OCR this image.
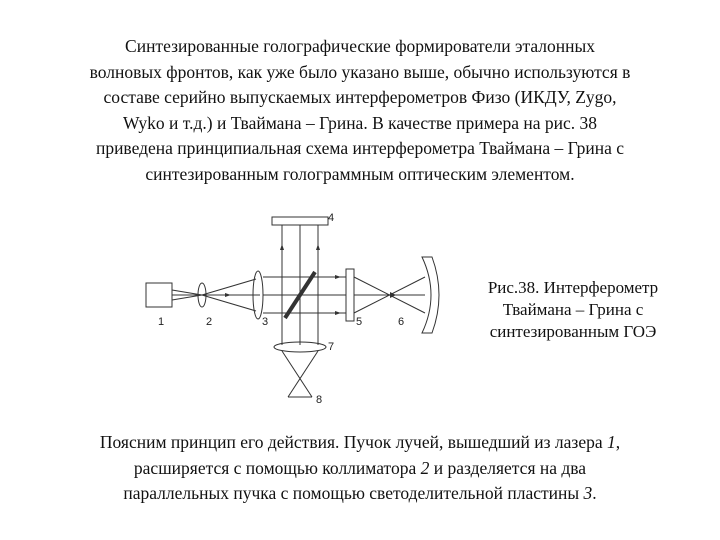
Синтезированные голографические формирователи эталонных
волновых фронтов, как уже было указано выше, обычно используются в
составе серийно выпускаемых интерферометров Физо (ИКДУ, Zygo,
Wyko и т.д.) и Тваймана – Грина. В качестве примера на рис. 38
приведена принципиальная схема интерферометра Тваймана – Грина с
синтезированным голограммным оптическим элементом.
1	2	3
4
5	6
7
8
Рис.38. Интерферометр
Тваймана – Грина с
синтезированным ГОЭ
Поясним принцип его действия. Пучок лучей, вышедший из лазера 1,
расширяется с помощью коллиматора 2 и разделяется на два
параллельных пучка с помощью светоделительной пластины 3.
